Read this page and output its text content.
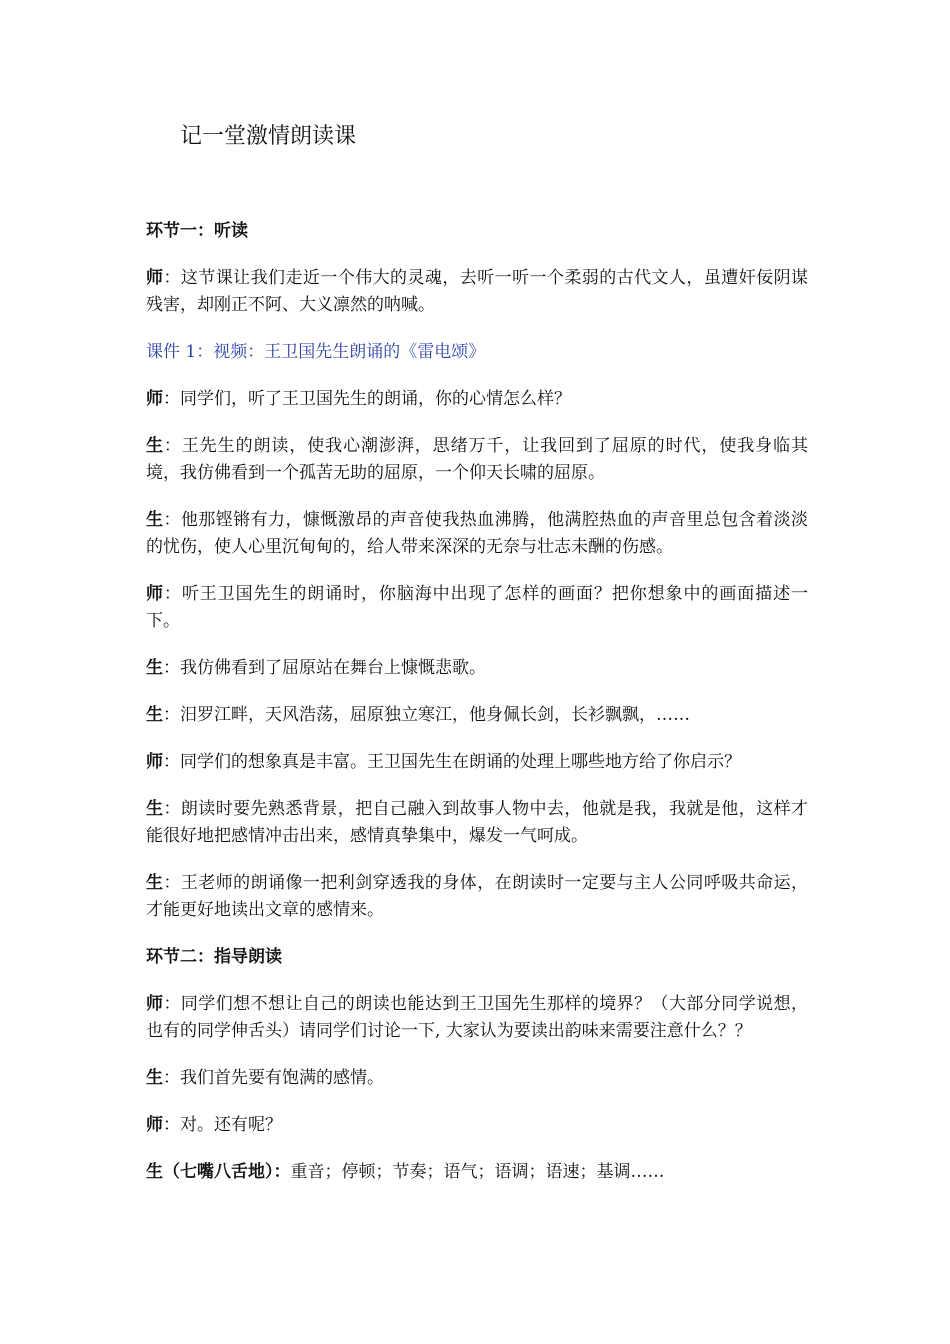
记一堂激情朗读课
环节一：听读

师：这节课让我们走近一个伟大的灵魂，去听一听一个柔弱的古代文人，虽遭奸佞阴谋残害，却刚正不阿、大义凛然的呐喊。

课件 1：视频：王卫国先生朗诵的《雷电颂》

师：同学们，听了王卫国先生的朗诵，你的心情怎么样？

生：王先生的朗读，使我心潮澎湃，思绪万千，让我回到了屈原的时代，使我身临其境，我仿佛看到一个孤苦无助的屈原，一个仰天长啸的屈原。

生：他那铿锵有力，慷慨激昂的声音使我热血沸腾，他满腔热血的声音里总包含着淡淡的忧伤，使人心里沉甸甸的，给人带来深深的无奈与壮志未酬的伤感。

师：听王卫国先生的朗诵时，你脑海中出现了怎样的画面？把你想象中的画面描述一下。

生：我仿佛看到了屈原站在舞台上慷慨悲歌。

生：汨罗江畔，天风浩荡，屈原独立寒江，他身佩长剑，长衫飘飘，……

师：同学们的想象真是丰富。王卫国先生在朗诵的处理上哪些地方给了你启示？

生：朗读时要先熟悉背景，把自己融入到故事人物中去，他就是我，我就是他，这样才能很好地把感情冲击出来，感情真挚集中，爆发一气呵成。

生：王老师的朗诵像一把利剑穿透我的身体，在朗读时一定要与主人公同呼吸共命运，才能更好地读出文章的感情来。

环节二：指导朗读

师：同学们想不想让自己的朗读也能达到王卫国先生那样的境界？（大部分同学说想，也有的同学伸舌头）请同学们讨论一下, 大家认为要读出韵味来需要注意什么？？

生：我们首先要有饱满的感情。

师：对。还有呢？

生（七嘴八舌地）：重音；停顿；节奏；语气；语调；语速；基调……
